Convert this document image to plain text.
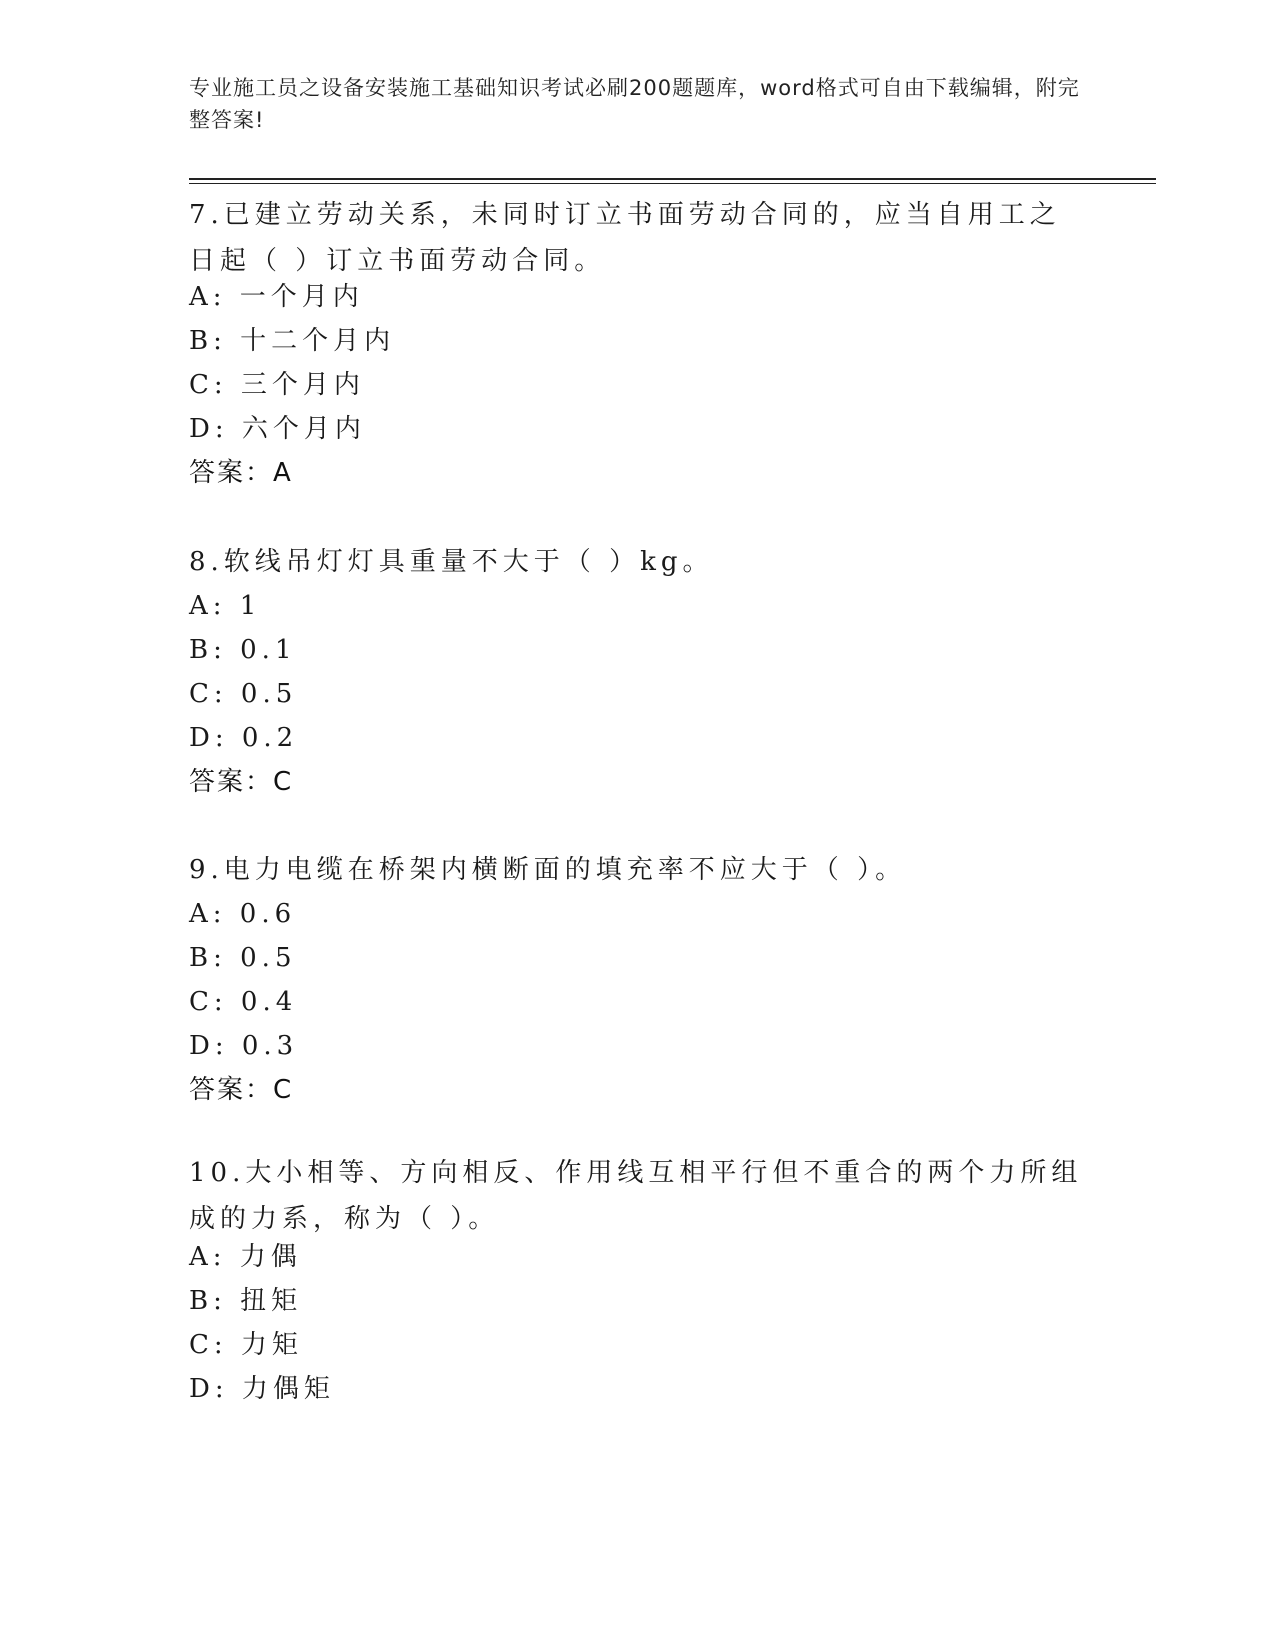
专业施工员之设备安装施工基础知识考试必刷200题题库，word格式可自由下载编辑，附完整答案!
7.已建立劳动关系，未同时订立书面劳动合同的，应当自用工之日起（ ）订立书面劳动合同。
A: 一个月内
B: 十二个月内
C: 三个月内
D: 六个月内
答案：A
8.软线吊灯灯具重量不大于（ ）kg。
A: 1
B: 0.1
C: 0.5
D: 0.2
答案：C
9.电力电缆在桥架内横断面的填充率不应大于（ ）。
A: 0.6
B: 0.5
C: 0.4
D: 0.3
答案：C
10.大小相等、方向相反、作用线互相平行但不重合的两个力所组成的力系，称为（ ）。
A: 力偶
B: 扭矩
C: 力矩
D: 力偶矩
